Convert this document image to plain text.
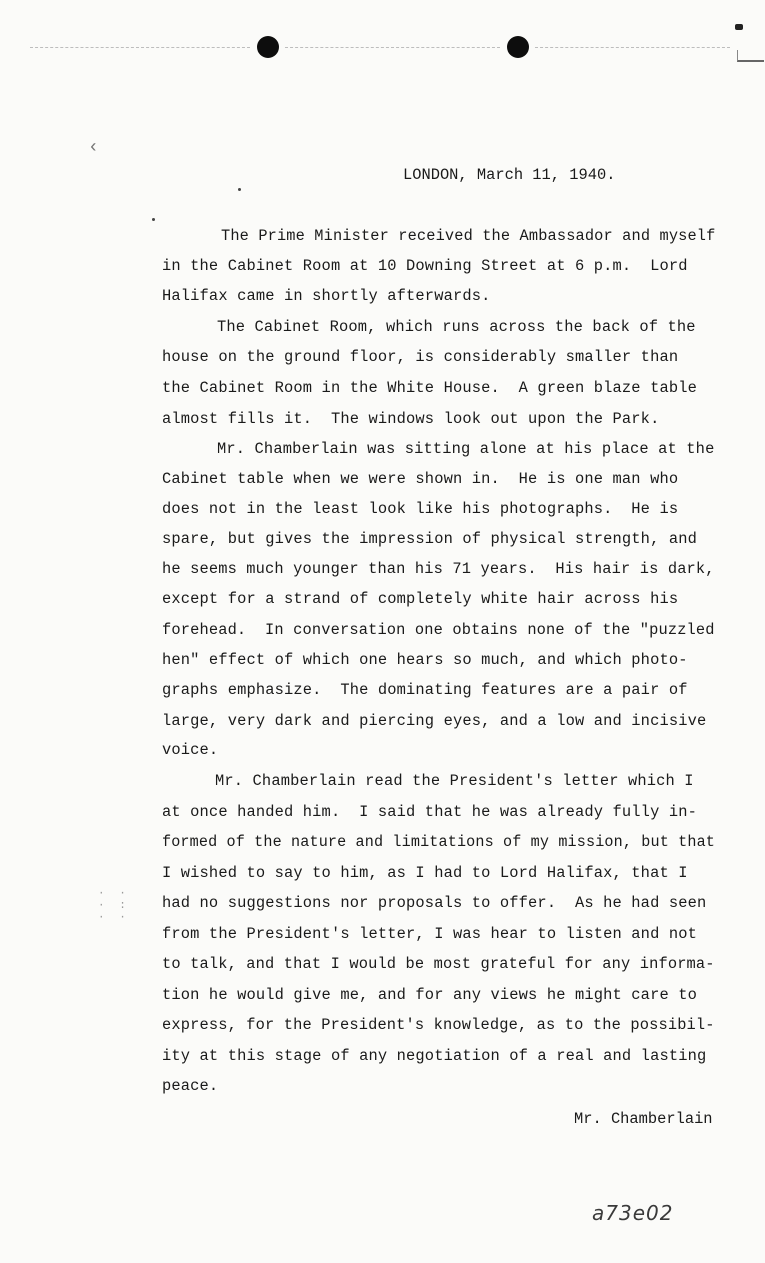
‹
· ·
· :
· ·
LONDON, March 11, 1940.
The Prime Minister received the Ambassador and myself
in the Cabinet Room at 10 Downing Street at 6 p.m.  Lord
Halifax came in shortly afterwards.
The Cabinet Room, which runs across the back of the
house on the ground floor, is considerably smaller than
the Cabinet Room in the White House.  A green blaze table
almost fills it.  The windows look out upon the Park.
Mr. Chamberlain was sitting alone at his place at the
Cabinet table when we were shown in.  He is one man who
does not in the least look like his photographs.  He is
spare, but gives the impression of physical strength, and
he seems much younger than his 71 years.  His hair is dark,
except for a strand of completely white hair across his
forehead.  In conversation one obtains none of the "puzzled
hen" effect of which one hears so much, and which photo-
graphs emphasize.  The dominating features are a pair of
large, very dark and piercing eyes, and a low and incisive
voice.
Mr. Chamberlain read the President's letter which I
at once handed him.  I said that he was already fully in-
formed of the nature and limitations of my mission, but that
I wished to say to him, as I had to Lord Halifax, that I
had no suggestions nor proposals to offer.  As he had seen
from the President's letter, I was hear to listen and not
to talk, and that I would be most grateful for any informa-
tion he would give me, and for any views he might care to
express, for the President's knowledge, as to the possibil-
ity at this stage of any negotiation of a real and lasting
peace.
Mr. Chamberlain
a73e02
